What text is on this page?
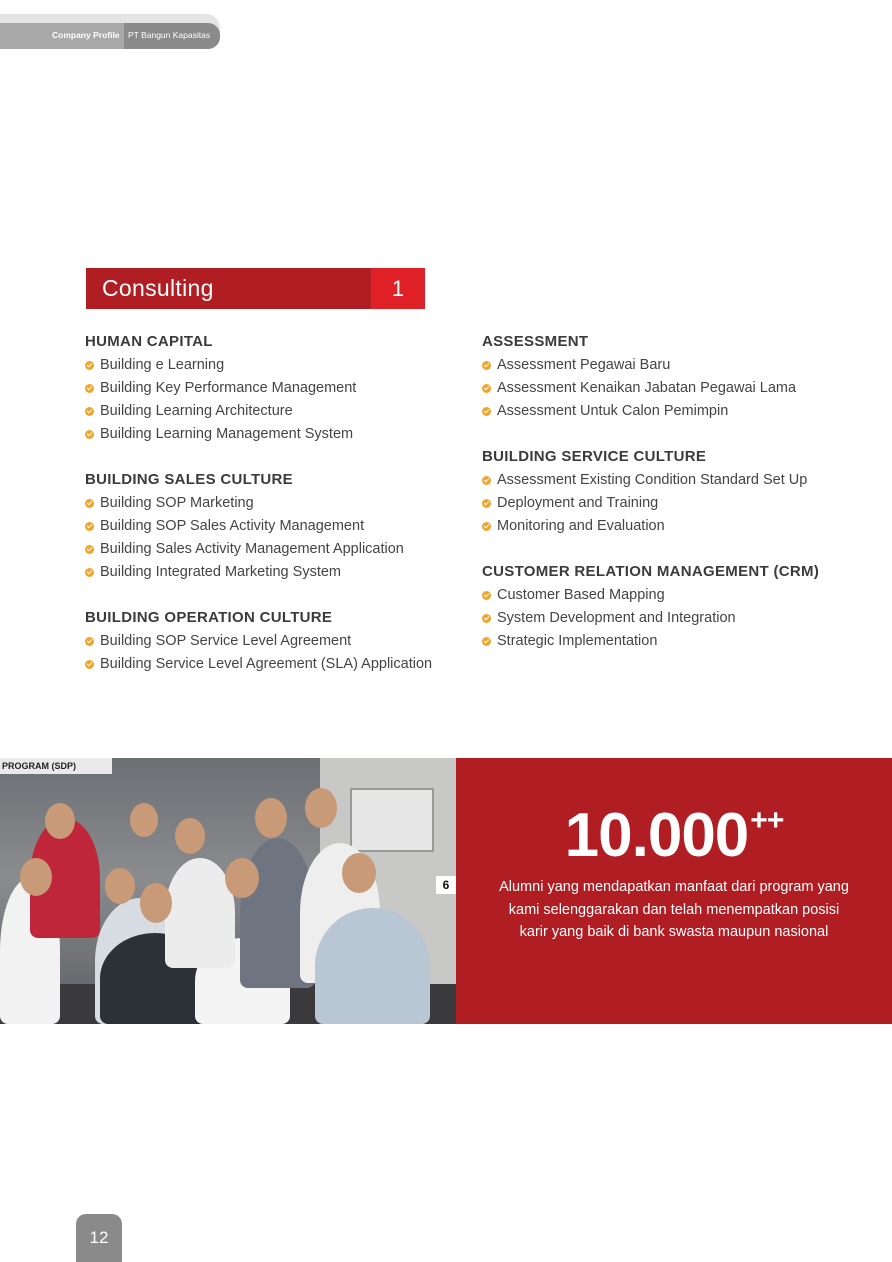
Company Profile PT Bangun Kapasitas
Consulting	1
HUMAN CAPITAL
Building e Learning
Building Key Performance Management
Building Learning Architecture
Building Learning Management System
BUILDING SALES CULTURE
Building SOP Marketing
Building SOP Sales Activity Management
Building Sales Activity Management Application
Building Integrated Marketing System
BUILDING OPERATION CULTURE
Building SOP Service Level Agreement
Building Service Level Agreement (SLA) Application
ASSESSMENT
Assessment Pegawai Baru
Assessment Kenaikan Jabatan Pegawai Lama
Assessment Untuk Calon Pemimpin
BUILDING SERVICE CULTURE
Assessment Existing Condition Standard Set Up
Deployment and Training
Monitoring and Evaluation
CUSTOMER RELATION MANAGEMENT (CRM)
Customer Based Mapping
System Development and Integration
Strategic Implementation
PROGRAM (SDP)
6
10.000++
Alumni yang mendapatkan manfaat dari program yang kami selenggarakan dan telah menempatkan posisi karir yang baik di bank swasta maupun nasional
12
